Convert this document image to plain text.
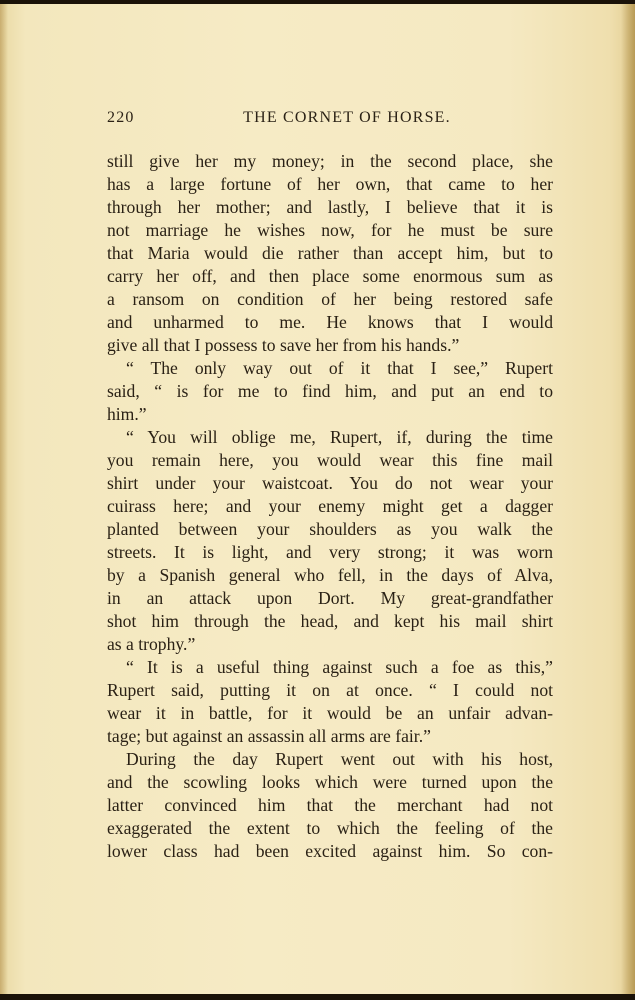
220	THE CORNET OF HORSE.
still give her my money; in the second place, she
has a large fortune of her own, that came to her
through her mother; and lastly, I believe that it is
not marriage he wishes now, for he must be sure
that Maria would die rather than accept him, but to
carry her off, and then place some enormous sum as
a ransom on condition of her being restored safe
and unharmed to me. He knows that I would
give all that I possess to save her from his hands.”
“ The only way out of it that I see,” Rupert
said, “ is for me to find him, and put an end to
him.”
“ You will oblige me, Rupert, if, during the time
you remain here, you would wear this fine mail
shirt under your waistcoat. You do not wear your
cuirass here; and your enemy might get a dagger
planted between your shoulders as you walk the
streets. It is light, and very strong; it was worn
by a Spanish general who fell, in the days of Alva,
in an attack upon Dort. My great-grandfather
shot him through the head, and kept his mail shirt
as a trophy.”
“ It is a useful thing against such a foe as this,”
Rupert said, putting it on at once. “ I could not
wear it in battle, for it would be an unfair advan-
tage; but against an assassin all arms are fair.”
During the day Rupert went out with his host,
and the scowling looks which were turned upon the
latter convinced him that the merchant had not
exaggerated the extent to which the feeling of the
lower class had been excited against him. So con-
